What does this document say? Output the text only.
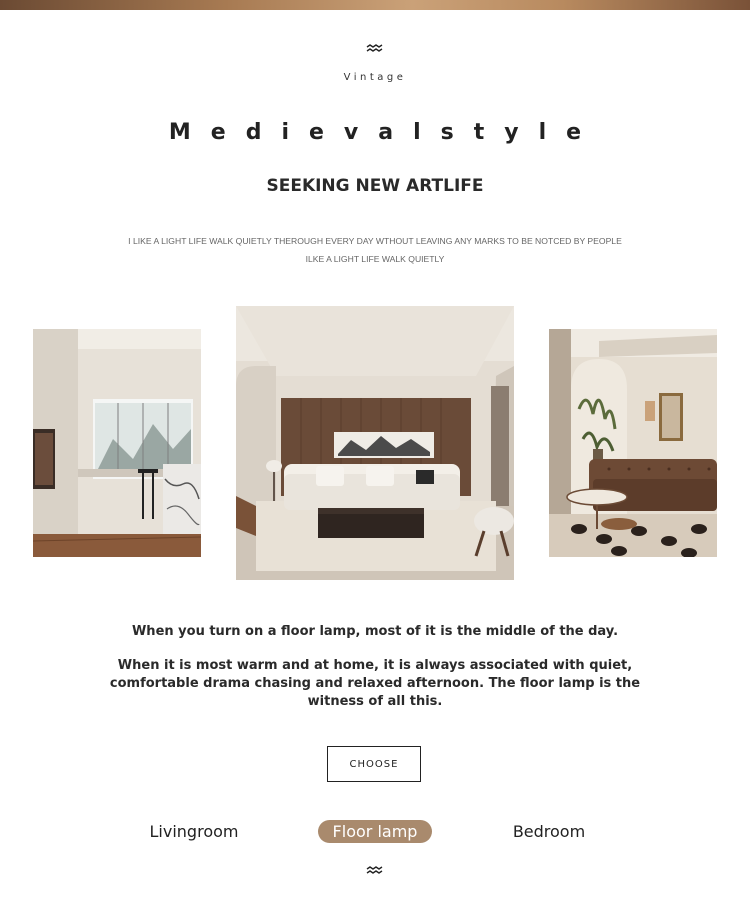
Vintage
Medievalstyle
SEEKING NEW ARTLIFE
I LIKE A LIGHT LIFE WALK QUIETLY THEROUGH EVERY DAY WTHOUT LEAVING ANY MARKS TO BE NOTCED BY PEOPLE ILKE A LIGHT LIFE WALK QUIETLY
When you turn on a floor lamp, most of it is the middle of the day.
When it is most warm and at home, it is always associated with quiet, comfortable drama chasing and relaxed afternoon. The floor lamp is the witness of all this.
CHOOSE
Livingroom	Floor lamp	Bedroom
